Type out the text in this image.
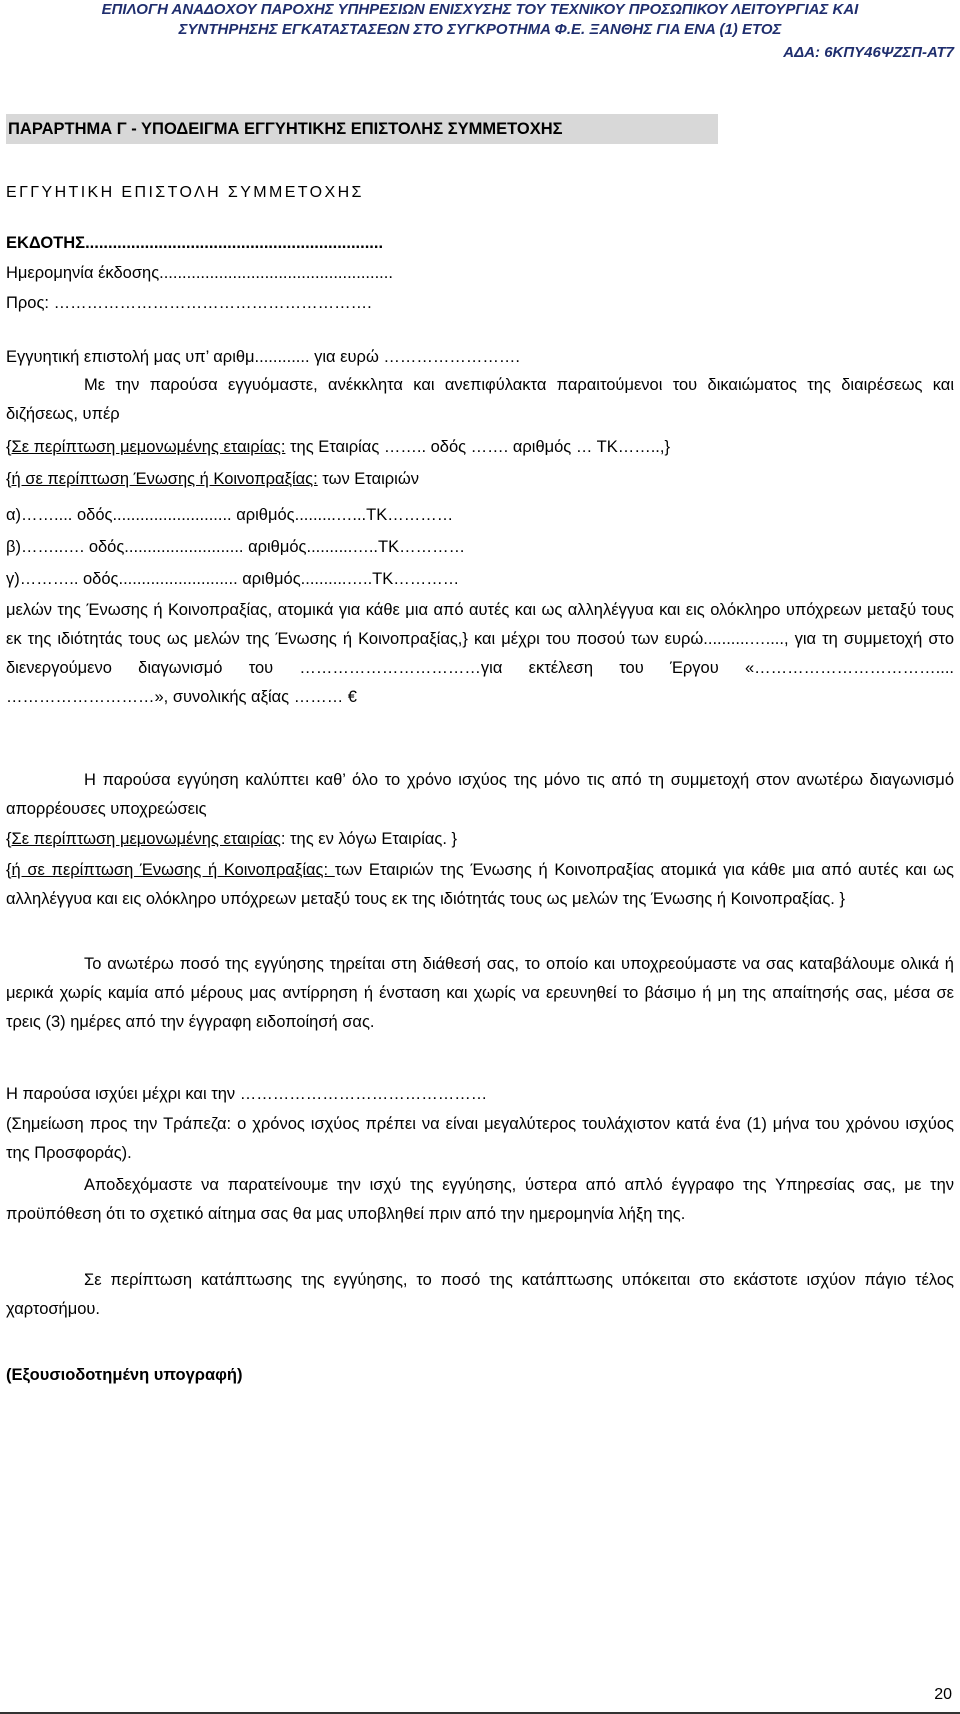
ΕΠΙΛΟΓΗ ΑΝΑΔΟΧΟΥ ΠΑΡΟΧΗΣ ΥΠΗΡΕΣΙΩΝ ΕΝΙΣΧΥΣΗΣ ΤΟΥ ΤΕΧΝΙΚΟΥ ΠΡΟΣΩΠΙΚΟΥ ΛΕΙΤΟΥΡΓΙΑΣ ΚΑΙ
ΣΥΝΤΗΡΗΣΗΣ ΕΓΚΑΤΑΣΤΑΣΕΩΝ ΣΤΟ ΣΥΓΚΡΟΤΗΜΑ Φ.Ε. ΞΑΝΘΗΣ ΓΙΑ ΕΝΑ (1) ΕΤΟΣ
ΑΔΑ: 6ΚΠΥ46ΨΖΣΠ-ΑΤ7
ΠΑΡΑΡΤΗΜΑ Γ - ΥΠΟΔΕΙΓΜΑ ΕΓΓΥΗΤΙΚΗΣ ΕΠΙΣΤΟΛΗΣ ΣΥΜΜΕΤΟΧΗΣ
ΕΓΓΥΗΤΙΚΗ ΕΠΙΣΤΟΛΗ ΣΥΜΜΕΤΟΧΗΣ
ΕΚΔΟΤΗΣ.................................................................
Ημερομηνία έκδοσης...................................................
Προς: ………………………………………………….
Εγγυητική επιστολή μας υπ’ αριθμ............ για ευρώ …………………….
Με την παρούσα εγγυόμαστε, ανέκκλητα και ανεπιφύλακτα παραιτούμενοι του δικαιώματος της διαιρέσεως και διζήσεως, υπέρ
{Σε περίπτωση μεμονωμένης εταιρίας: της Εταιρίας …….. οδός ……. αριθμός … ΤΚ……..,}
{ή σε περίπτωση Ένωσης ή Κοινοπραξίας: των Εταιριών
α)…….... οδός.......................... αριθμός.........…...ΤΚ…………
β)……..…. οδός.......................... αριθμός..........…..ΤΚ…………
γ)……….. οδός.......................... αριθμός..........…..ΤΚ…………
μελών της Ένωσης ή Κοινοπραξίας, ατομικά για κάθε μια από αυτές και ως αλληλέγγυα και εις ολόκληρο υπόχρεων μεταξύ τους εκ της ιδιότητάς τους ως μελών της Ένωσης ή Κοινοπραξίας,} και μέχρι του ποσού των ευρώ..........…...., για τη συμμετοχή στο διενεργούμενο διαγωνισμό του ……………………………για εκτέλεση του Έργου «…………………………….... ………………………», συνολικής αξίας ……… €
Η παρούσα εγγύηση καλύπτει καθ’ όλο το χρόνο ισχύος της μόνο τις από τη συμμετοχή στον ανωτέρω διαγωνισμό απορρέουσες υποχρεώσεις
{Σε περίπτωση μεμονωμένης εταιρίας: της εν λόγω Εταιρίας. }
{ή σε περίπτωση Ένωσης ή Κοινοπραξίας: των Εταιριών της Ένωσης ή Κοινοπραξίας ατομικά για κάθε μια από αυτές και ως αλληλέγγυα και εις ολόκληρο υπόχρεων μεταξύ τους εκ της ιδιότητάς τους ως μελών της Ένωσης ή Κοινοπραξίας. }
Το ανωτέρω ποσό της εγγύησης τηρείται στη διάθεσή σας, το οποίο και υποχρεούμαστε να σας καταβάλουμε ολικά ή μερικά χωρίς καμία από μέρους μας αντίρρηση ή ένσταση και χωρίς να ερευνηθεί το βάσιμο ή μη της απαίτησής σας, μέσα σε τρεις (3) ημέρες από την έγγραφη ειδοποίησή σας.
Η παρούσα ισχύει μέχρι και την ………………………………………
(Σημείωση προς την Τράπεζα: ο χρόνος ισχύος πρέπει να είναι μεγαλύτερος τουλάχιστον κατά ένα (1) μήνα του χρόνου ισχύος της Προσφοράς).
Αποδεχόμαστε να παρατείνουμε την ισχύ της εγγύησης, ύστερα από απλό έγγραφο της Υπηρεσίας σας, με την προϋπόθεση ότι το σχετικό αίτημα σας θα μας υποβληθεί πριν από την ημερομηνία λήξη της.
Σε περίπτωση κατάπτωσης της εγγύησης, το ποσό της κατάπτωσης υπόκειται στο εκάστοτε ισχύον πάγιο τέλος χαρτοσήμου.
(Εξουσιοδοτημένη υπογραφή)
20
